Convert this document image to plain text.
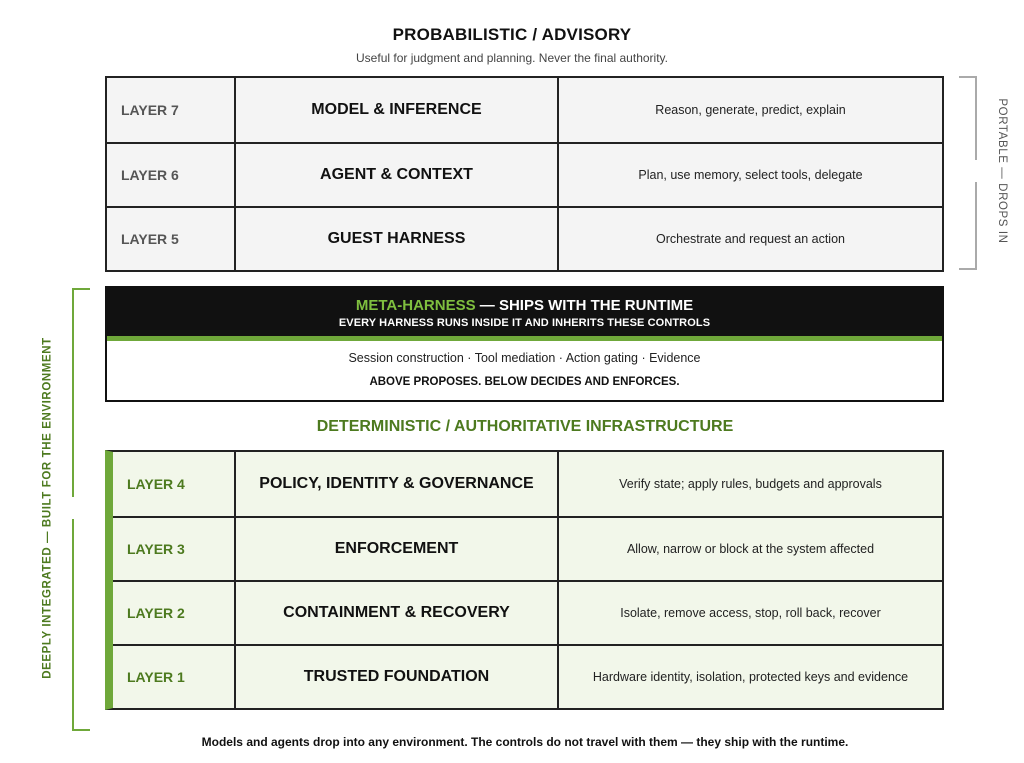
PROBABILISTIC / ADVISORY
Useful for judgment and planning. Never the final authority.
LAYER 7	MODEL & INFERENCE	Reason, generate, predict, explain
LAYER 6	AGENT & CONTEXT	Plan, use memory, select tools, delegate
LAYER 5	GUEST HARNESS	Orchestrate and request an action	PORTABLE — DROPS IN
META-HARNESS — SHIPS WITH THE RUNTIME
EVERY HARNESS RUNS INSIDE IT AND INHERITS THESE CONTROLS
Session construction · Tool mediation · Action gating · Evidence
ABOVE PROPOSES. BELOW DECIDES AND ENFORCES.
DETERMINISTIC / AUTHORITATIVE INFRASTRUCTURE
LAYER 4	POLICY, IDENTITY & GOVERNANCE	Verify state; apply rules, budgets and approvals
LAYER 3	ENFORCEMENT	Allow, narrow or block at the system affected
LAYER 2	CONTAINMENT & RECOVERY	Isolate, remove access, stop, roll back, recover
LAYER 1	TRUSTED FOUNDATION	Hardware identity, isolation, protected keys and evidence
DEEPLY INTEGRATED — BUILT FOR THE ENVIRONMENT
Models and agents drop into any environment. The controls do not travel with them — they ship with the runtime.
